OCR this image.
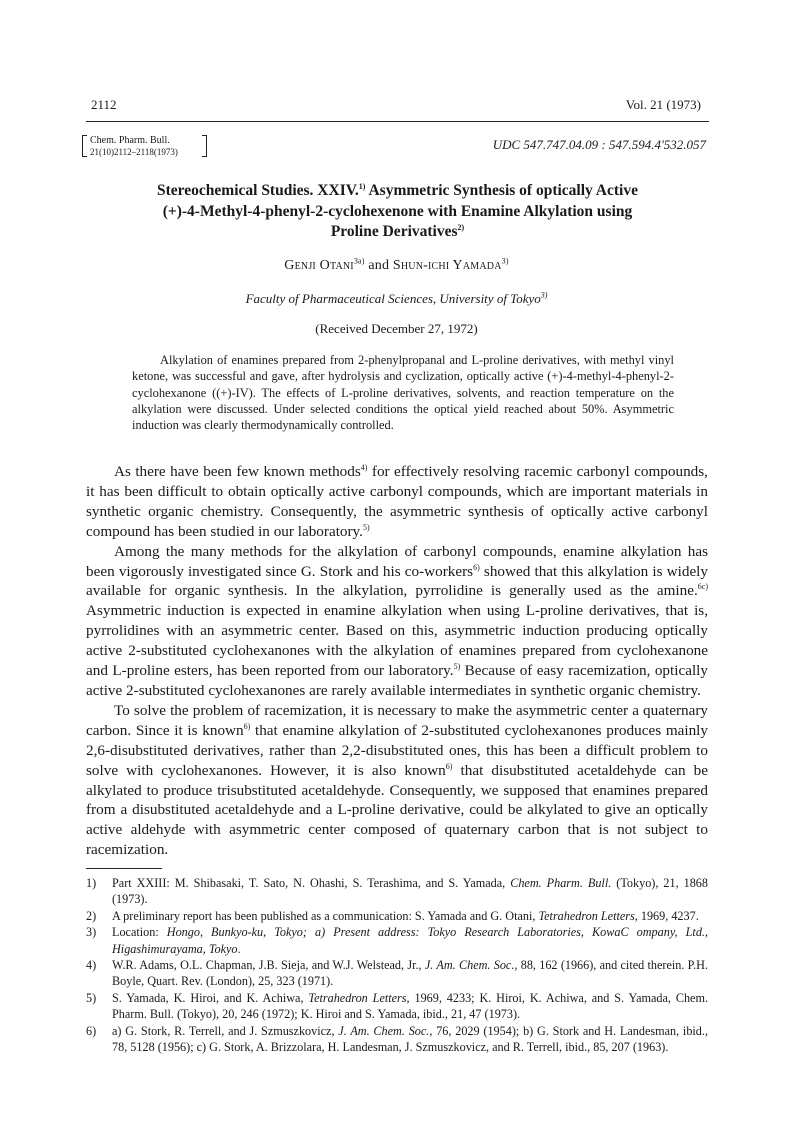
2112	Vol. 21 (1973)
Chem. Pharm. Bull.
21(10)2112–2118(1973)	UDC 547.747.04.09 : 547.594.4'532.057
Stereochemical Studies. XXIV.$^{1)}$ Asymmetric Synthesis of optically Active (+)-4-Methyl-4-phenyl-2-cyclohexenone with Enamine Alkylation using Proline Derivatives$^{2)}$
Genji Otani$^{3a)}$ and Shun-ichi Yamada$^{3)}$
Faculty of Pharmaceutical Sciences, University of Tokyo$^{3)}$
(Received December 27, 1972)

Alkylation of enamines prepared from 2-phenylpropanal and L-proline derivatives, with methyl vinyl ketone, was successful and gave, after hydrolysis and cyclization, optically active (+)-4-methyl-4-phenyl-2-cyclohexanone ((+)-IV). The effects of L-proline derivatives, solvents, and reaction temperature on the alkylation were discussed. Under selected conditions the optical yield reached about 50%. Asymmetric induction was clearly thermodynamically controlled.

As there have been few known methods$^{4)}$ for effectively resolving racemic carbonyl compounds, it has been difficult to obtain optically active carbonyl compounds, which are important materials in synthetic organic chemistry. Consequently, the asymmetric synthesis of optically active carbonyl compound has been studied in our laboratory.$^{5)}$

Among the many methods for the alkylation of carbonyl compounds, enamine alkylation has been vigorously investigated since G. Stork and his co-workers$^{6)}$ showed that this alkylation is widely available for organic synthesis. In the alkylation, pyrrolidine is generally used as the amine.$^{6c)}$ Asymmetric induction is expected in enamine alkylation when using L-proline derivatives, that is, pyrrolidines with an asymmetric center. Based on this, asymmetric induction producing optically active 2-substituted cyclohexanones with the alkylation of enamines prepared from cyclohexanone and L-proline esters, has been reported from our laboratory.$^{5)}$ Because of easy racemization, optically active 2-substituted cyclohexanones are rarely available intermediates in synthetic organic chemistry.

To solve the problem of racemization, it is necessary to make the asymmetric center a quaternary carbon. Since it is known$^{6)}$ that enamine alkylation of 2-substituted cyclohexanones produces mainly 2,6-disubstituted derivatives, rather than 2,2-disubstituted ones, this has been a difficult problem to solve with cyclohexanones. However, it is also known$^{6)}$ that disubstituted acetaldehyde can be alkylated to produce trisubstituted acetaldehyde. Consequently, we supposed that enamines prepared from a disubstituted acetaldehyde and a L-proline derivative, could be alkylated to give an optically active aldehyde with asymmetric center composed of quaternary carbon that is not subject to racemization.

1) Part XXIII: M. Shibasaki, T. Sato, N. Ohashi, S. Terashima, and S. Yamada, Chem. Pharm. Bull. (Tokyo), 21, 1868 (1973).
2) A preliminary report has been published as a communication: S. Yamada and G. Otani, Tetrahedron Letters, 1969, 4237.
3) Location: Hongo, Bunkyo-ku, Tokyo; a) Present address: Tokyo Research Laboratories, KowaC ompany, Ltd., Higashimurayama, Tokyo.
4) W.R. Adams, O.L. Chapman, J.B. Sieja, and W.J. Welstead, Jr., J. Am. Chem. Soc., 88, 162 (1966), and cited therein. P.H. Boyle, Quart. Rev. (London), 25, 323 (1971).
5) S. Yamada, K. Hiroi, and K. Achiwa, Tetrahedron Letters, 1969, 4233; K. Hiroi, K. Achiwa, and S. Yamada, Chem. Pharm. Bull. (Tokyo), 20, 246 (1972); K. Hiroi and S. Yamada, ibid., 21, 47 (1973).
6) a) G. Stork, R. Terrell, and J. Szmuszkovicz, J. Am. Chem. Soc., 76, 2029 (1954); b) G. Stork and H. Landesman, ibid., 78, 5128 (1956); c) G. Stork, A. Brizzolara, H. Landesman, J. Szmuszkovicz, and R. Terrell, ibid., 85, 207 (1963).
